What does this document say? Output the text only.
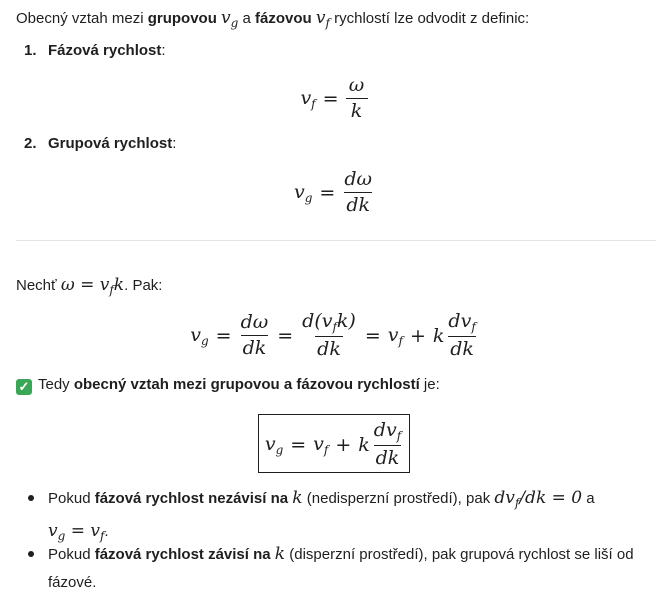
Obecný vztah mezi grupovou $v_g$ a fázovou $v_f$ rychlostí lze odvodit z definic:
1. Fázová rychlost:
$v_f = \frac{\omega}{k}$
2. Grupová rychlost:
$v_g = \frac{d\omega}{dk}$
Nechť $\omega = v_fk$. Pak:
$v_g = \frac{d\omega}{dk} = \frac{d(v_fk)}{dk} = v_f + k \frac{dv_f}{dk}$
✓ Tedy obecný vztah mezi grupovou a fázovou rychlostí je:
$v_g = v_f + k \frac{dv_f}{dk}$
Pokud fázová rychlost nezávisí na k (nedisperzní prostředí), pak $dv_f/dk = 0$ a
$v_g = v_f$.
Pokud fázová rychlost závisí na k (disperzní prostředí), pak grupová rychlost se liší od
fázové.
